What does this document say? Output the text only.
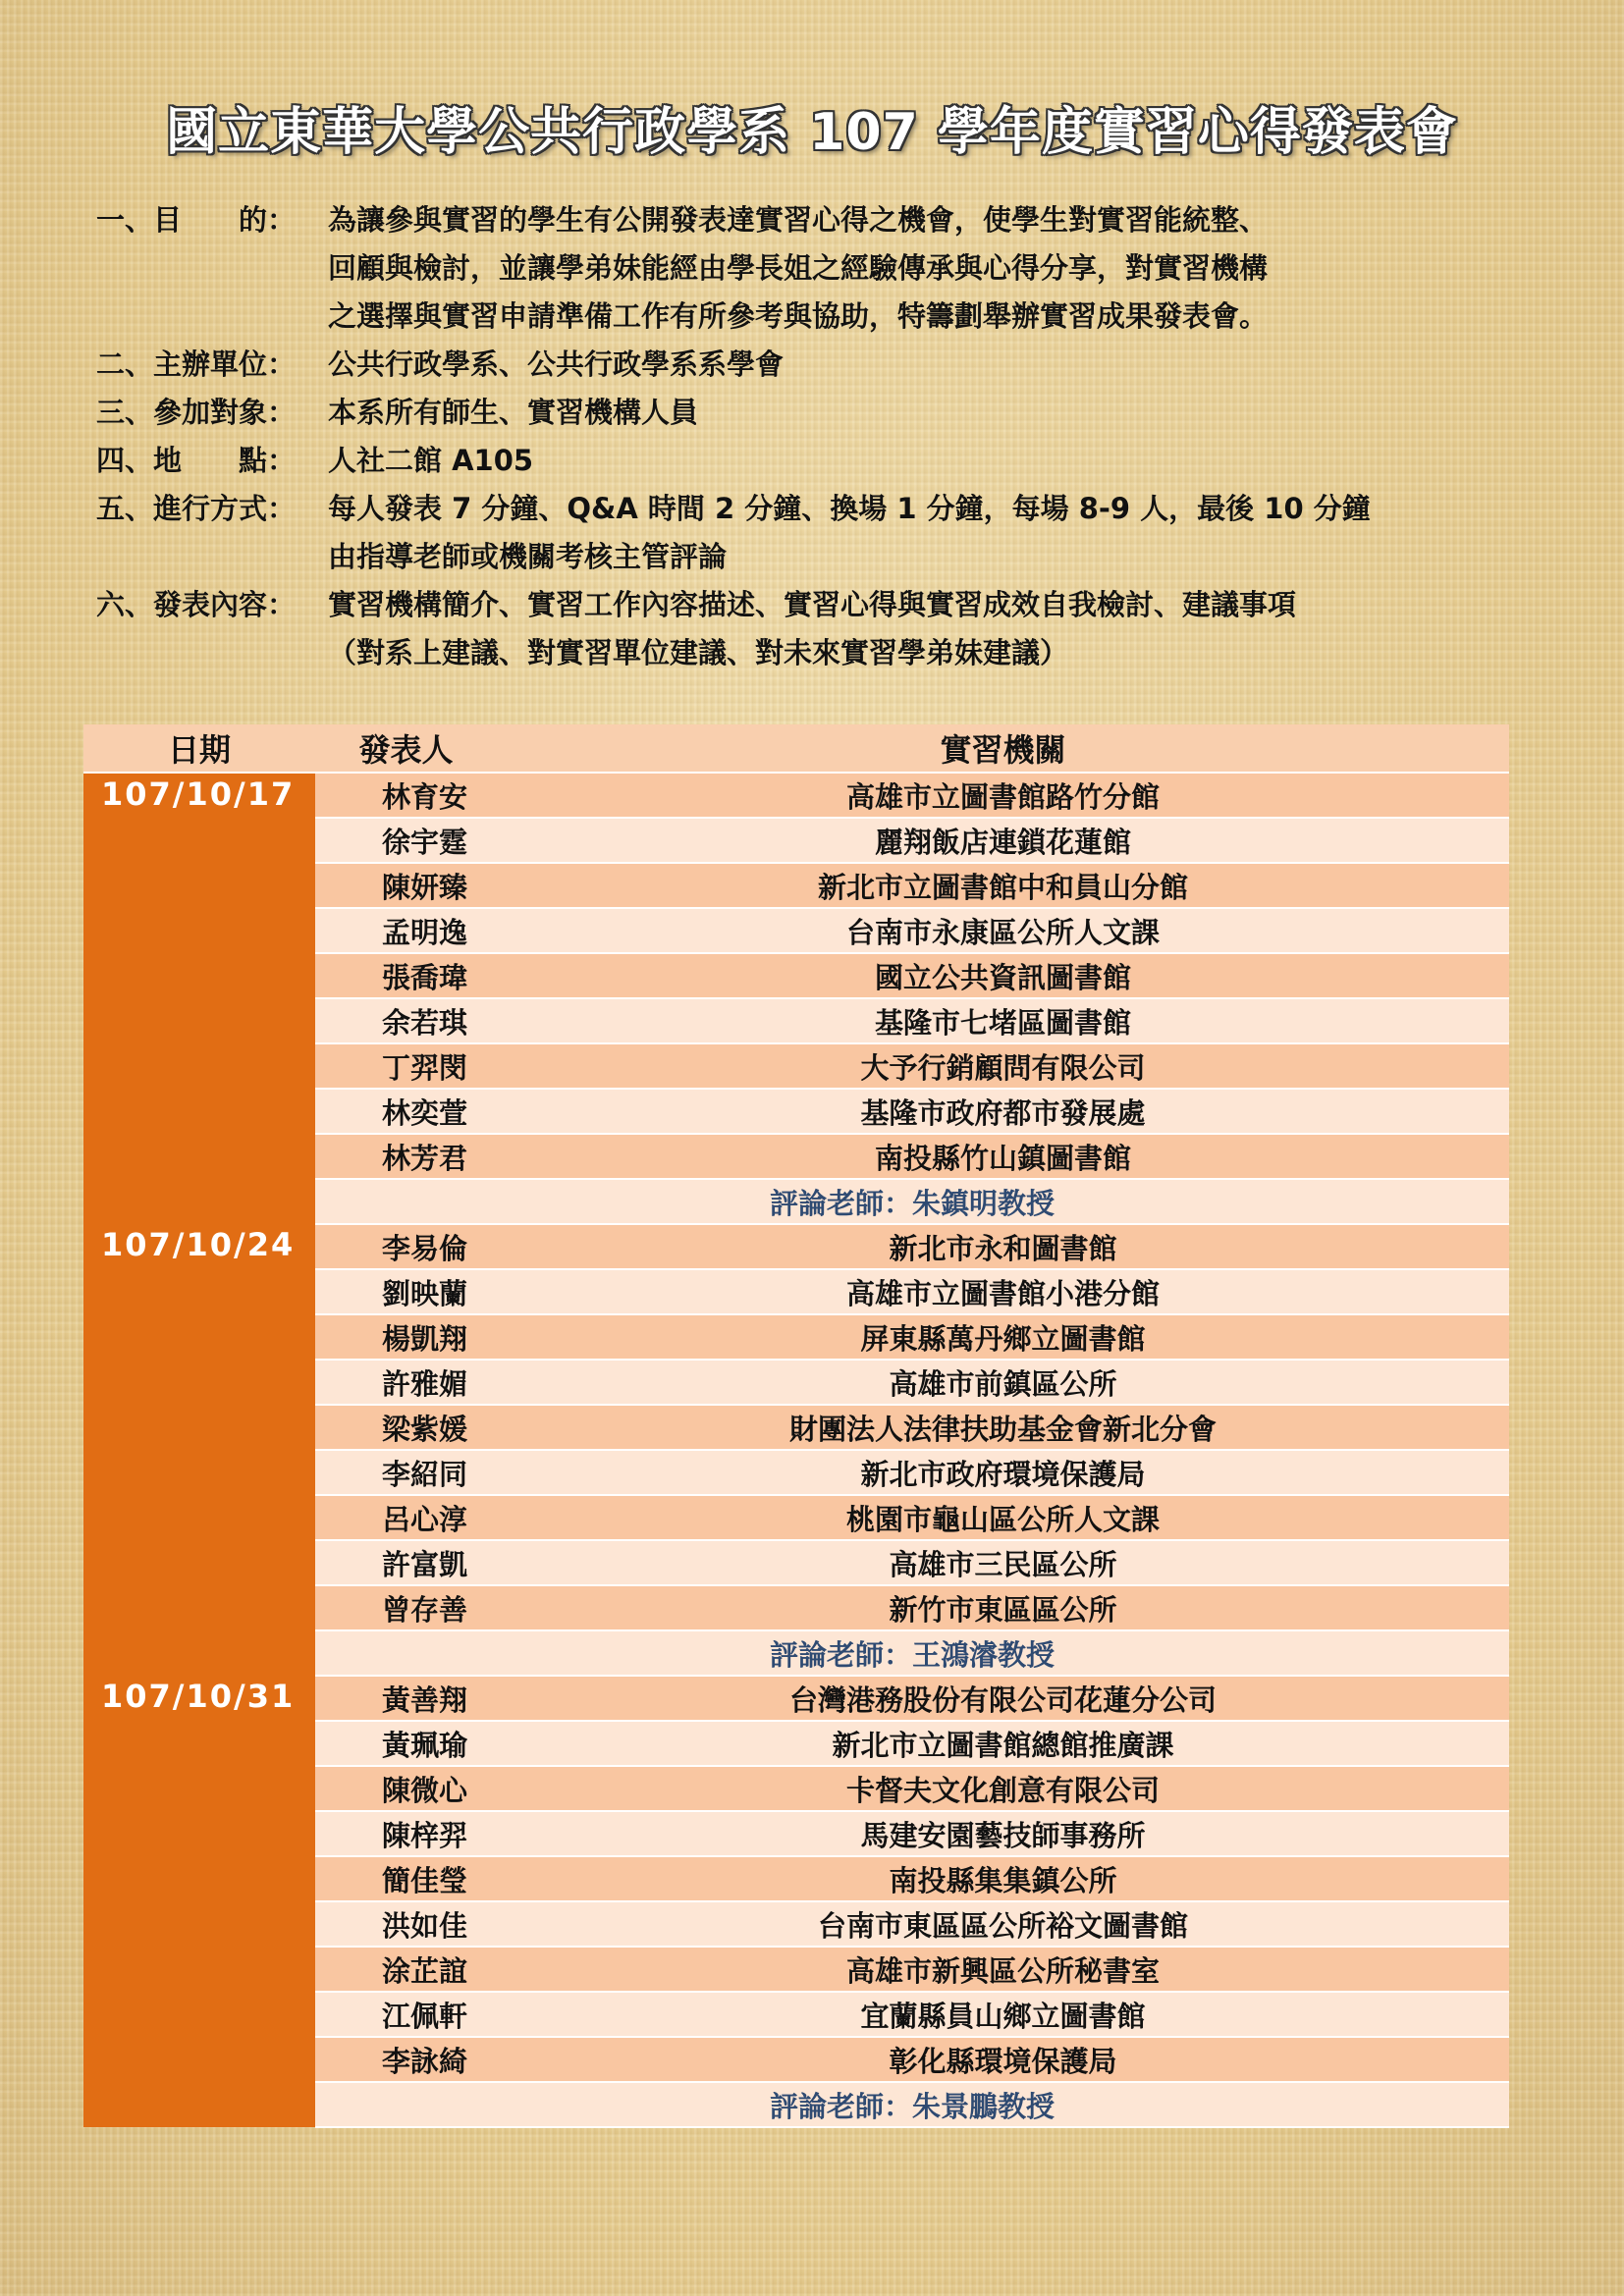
國立東華大學公共行政學系 107 學年度實習心得發表會
一、目　　的：	為讓參與實習的學生有公開發表達實習心得之機會，使學生對實習能統整、
回顧與檢討，並讓學弟妹能經由學長姐之經驗傳承與心得分享，對實習機構
之選擇與實習申請準備工作有所參考與協助，特籌劃舉辦實習成果發表會。
二、主辦單位：	公共行政學系、公共行政學系系學會
三、參加對象：	本系所有師生、實習機構人員
四、地　　點：	人社二館 A105
五、進行方式：	每人發表 7 分鐘、Q&A 時間 2 分鐘、換場 1 分鐘，每場 8-9 人，最後 10 分鐘
由指導老師或機關考核主管評論
六、發表內容：	實習機構簡介、實習工作內容描述、實習心得與實習成效自我檢討、建議事項
（對系上建議、對實習單位建議、對未來實習學弟妹建議）
日期	發表人	實習機關
107/10/17	林育安	高雄市立圖書館路竹分館
	徐宇霆	麗翔飯店連鎖花蓮館
	陳妍臻	新北市立圖書館中和員山分館
	孟明逸	台南市永康區公所人文課
	張喬瑋	國立公共資訊圖書館
	余若琪	基隆市七堵區圖書館
	丁羿閔	大予行銷顧問有限公司
	林奕萱	基隆市政府都市發展處
	林芳君	南投縣竹山鎮圖書館
	評論老師：朱鎮明教授	
107/10/24	李易倫	新北市永和圖書館
	劉映蘭	高雄市立圖書館小港分館
	楊凱翔	屏東縣萬丹鄉立圖書館
	許雅媚	高雄市前鎮區公所
	梁紫媛	財團法人法律扶助基金會新北分會
	李紹同	新北市政府環境保護局
	呂心淳	桃園市龜山區公所人文課
	許富凱	高雄市三民區公所
	曾存善	新竹市東區區公所
	評論老師：王鴻濬教授	
107/10/31	黃善翔	台灣港務股份有限公司花蓮分公司
	黃珮瑜	新北市立圖書館總館推廣課
	陳微心	卡督夫文化創意有限公司
	陳梓羿	馬建安園藝技師事務所
	簡佳瑩	南投縣集集鎮公所
	洪如佳	台南市東區區公所裕文圖書館
	涂芷誼	高雄市新興區公所秘書室
	江佩軒	宜蘭縣員山鄉立圖書館
	李詠綺	彰化縣環境保護局
	評論老師：朱景鵬教授	
